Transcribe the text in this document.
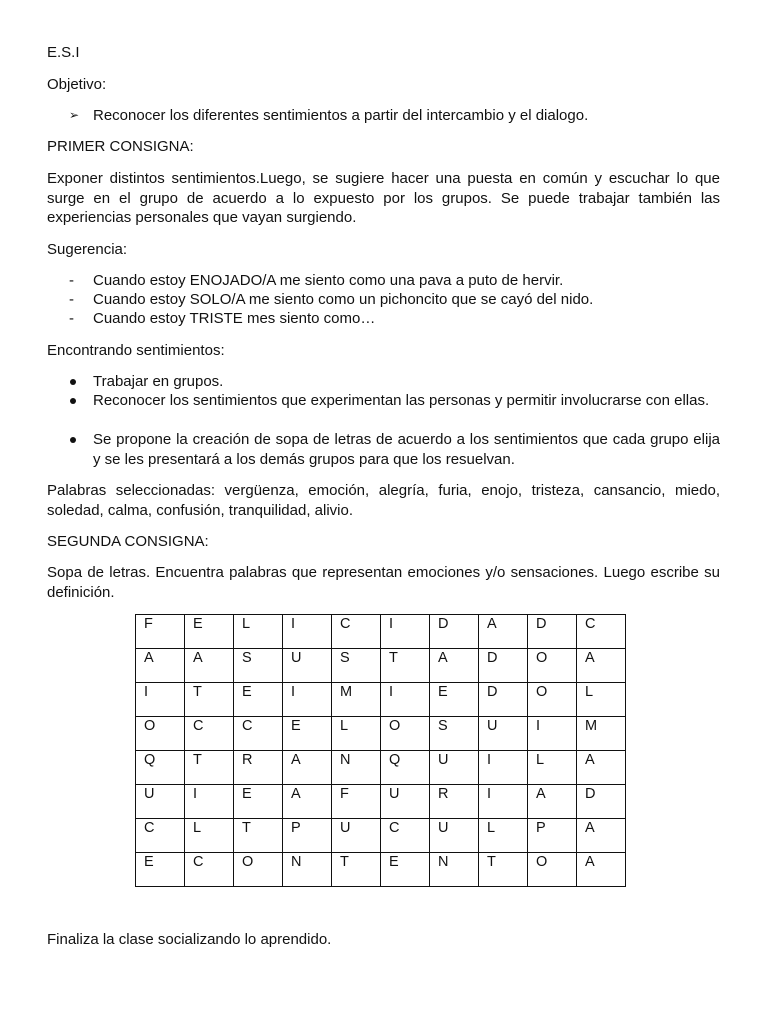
E.S.I

Objetivo:

➢ Reconocer los diferentes sentimientos a partir del intercambio y el dialogo.

PRIMER CONSIGNA:

Exponer distintos sentimientos.Luego, se sugiere hacer una puesta en común y escuchar lo que surge en el grupo de acuerdo a lo expuesto por los grupos. Se puede trabajar también las experiencias personales que vayan surgiendo.

Sugerencia:

- Cuando estoy ENOJADO/A me siento como una pava a puto de hervir.
- Cuando estoy SOLO/A me siento como un pichoncito que se cayó del nido.
- Cuando estoy TRISTE mes siento como…

Encontrando sentimientos:

Trabajar en grupos.
Reconocer los sentimientos que experimentan las personas y permitir involucrarse con ellas.
Se propone la creación de sopa de letras de acuerdo a los sentimientos que cada grupo elija y se les presentará a los demás grupos para que los resuelvan.

Palabras seleccionadas: vergüenza, emoción, alegría, furia, enojo, tristeza, cansancio, miedo, soledad, calma, confusión, tranquilidad, alivio.

SEGUNDA CONSIGNA:

Sopa de letras. Encuentra palabras que representan emociones y/o sensaciones. Luego escribe su definición.

F	E	L	I	C	I	D	A	D	C
A	A	S	U	S	T	A	D	O	A
I	T	E	I	M	I	E	D	O	L
O	C	C	E	L	O	S	U	I	M
Q	T	R	A	N	Q	U	I	L	A
U	I	E	A	F	U	R	I	A	D
C	L	T	P	U	C	U	L	P	A
E	C	O	N	T	E	N	T	O	A

Finaliza la clase socializando lo aprendido.
